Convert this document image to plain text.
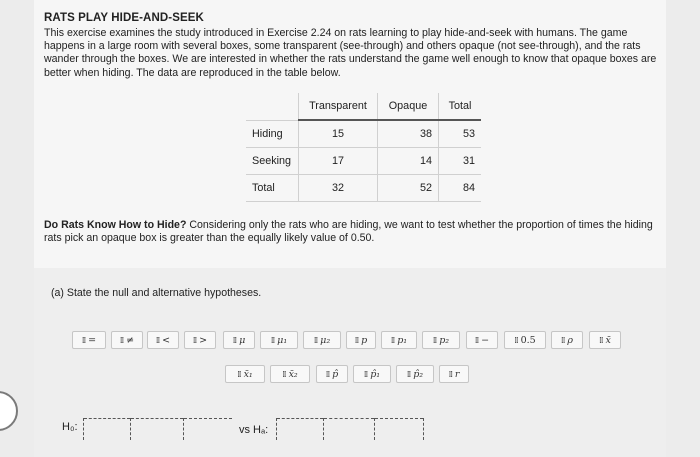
RATS PLAY HIDE-AND-SEEK
This exercise examines the study introduced in Exercise 2.24 on rats learning to play hide-and-seek with humans. The game happens in a large room with several boxes, some transparent (see-through) and others opaque (not see-through), and the rats wander through the boxes. We are interested in whether the rats understand the game well enough to know that opaque boxes are better when hiding. The data are reproduced in the table below.
	Transparent	Opaque	Total
Hiding	15	38	53
Seeking	17	14	31
Total	32	52	84
Do Rats Know How to Hide? Considering only the rats who are hiding, we want to test whether the proportion of times the hiding rats pick an opaque box is greater than the equally likely value of 0.50.
(a) State the null and alternative hypotheses.
⁞⁞ =	⁞⁞ ≠	⁞⁞ <	⁞⁞ >	⁞⁞ μ	⁞⁞ μ₁	⁞⁞ μ₂	⁞⁞ p	⁞⁞ p₁	⁞⁞ p₂	⁞⁞ −	⁞⁞ 0.5	⁞⁞ ρ	⁞⁞ x̄
⁞⁞ x̄₁	⁞⁞ x̄₂	⁞⁞ p̂	⁞⁞ p̂₁	⁞⁞ p̂₂	⁞⁞ r
H₀:	vs Hₐ:
